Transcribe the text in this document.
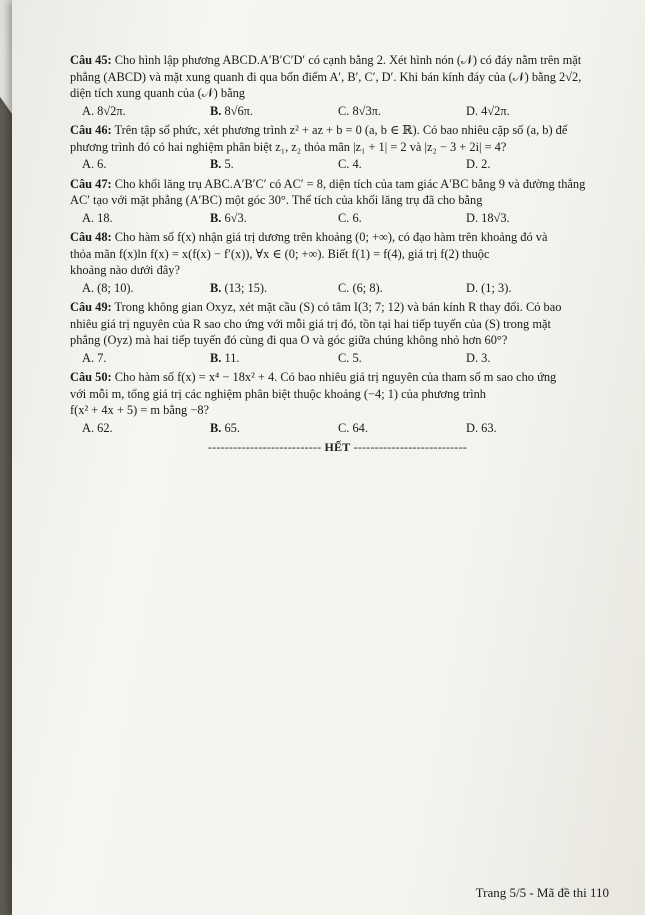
Câu 45: Cho hình lập phương ABCD.A′B′C′D′ có cạnh bằng 2. Xét hình nón (𝒩) có đáy nằm trên mặt

phẳng (ABCD) và mặt xung quanh đi qua bốn điểm A′, B′, C′, D′. Khi bán kính đáy của (𝒩) bằng 2√2,

diện tích xung quanh của (𝒩) bằng

A. 8√2π.	B. 8√6π.	C. 8√3π.	D. 4√2π.

Câu 46: Trên tập số phức, xét phương trình z² + az + b = 0 (a, b ∈ ℝ). Có bao nhiêu cặp số (a, b) để

phương trình đó có hai nghiệm phân biệt z₁, z₂ thỏa mãn |z₁ + 1| = 2 và |z₂ − 3 + 2i| = 4?

A. 6.	B. 5.	C. 4.	D. 2.

Câu 47: Cho khối lăng trụ ABC.A′B′C′ có AC′ = 8, diện tích của tam giác A′BC bằng 9 và đường thẳng

AC′ tạo với mặt phẳng (A′BC) một góc 30°. Thể tích của khối lăng trụ đã cho bằng

A. 18.	B. 6√3.	C. 6.	D. 18√3.

Câu 48: Cho hàm số f(x) nhận giá trị dương trên khoảng (0; +∞), có đạo hàm trên khoảng đó và

thỏa mãn f(x)ln f(x) = x(f(x) − f′(x)), ∀x ∈ (0; +∞). Biết f(1) = f(4), giá trị f(2) thuộc

khoảng nào dưới đây?

A. (8; 10).	B. (13; 15).	C. (6; 8).	D. (1; 3).

Câu 49: Trong không gian Oxyz, xét mặt cầu (S) có tâm I(3; 7; 12) và bán kính R thay đổi. Có bao

nhiêu giá trị nguyên của R sao cho ứng với mỗi giá trị đó, tồn tại hai tiếp tuyến của (S) trong mặt

phẳng (Oyz) mà hai tiếp tuyến đó cùng đi qua O và góc giữa chúng không nhỏ hơn 60°?

A. 7.	B. 11.	C. 5.	D. 3.

Câu 50: Cho hàm số f(x) = x⁴ − 18x² + 4. Có bao nhiêu giá trị nguyên của tham số m sao cho ứng

với mỗi m, tổng giá trị các nghiệm phân biệt thuộc khoảng (−4; 1) của phương trình

f(x² + 4x + 5) = m bằng −8?

A. 62.	B. 65.	C. 64.	D. 63.
--------------------------- HẾT ---------------------------
Trang 5/5 - Mã đề thi 110
